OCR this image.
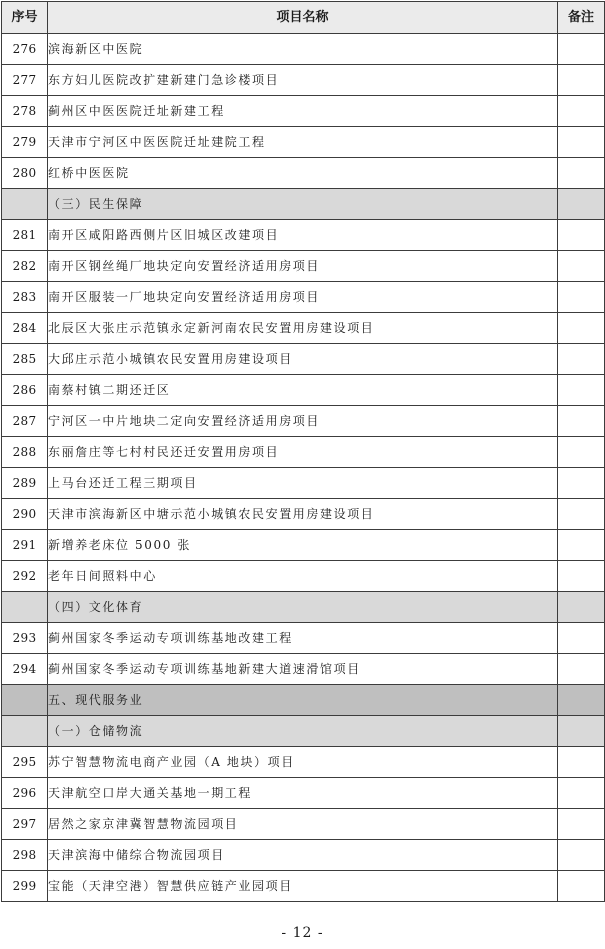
序号	项目名称	备注
276	滨海新区中医院	
277	东方妇儿医院改扩建新建门急诊楼项目	
278	蓟州区中医医院迁址新建工程	
279	天津市宁河区中医医院迁址建院工程	
280	红桥中医医院	
	（三）民生保障	
281	南开区咸阳路西侧片区旧城区改建项目	
282	南开区钢丝绳厂地块定向安置经济适用房项目	
283	南开区服装一厂地块定向安置经济适用房项目	
284	北辰区大张庄示范镇永定新河南农民安置用房建设项目	
285	大邱庄示范小城镇农民安置用房建设项目	
286	南蔡村镇二期还迁区	
287	宁河区一中片地块二定向安置经济适用房项目	
288	东丽詹庄等七村村民还迁安置用房项目	
289	上马台还迁工程三期项目	
290	天津市滨海新区中塘示范小城镇农民安置用房建设项目	
291	新增养老床位 5000 张	
292	老年日间照料中心	
	（四）文化体育	
293	蓟州国家冬季运动专项训练基地改建工程	
294	蓟州国家冬季运动专项训练基地新建大道速滑馆项目	
	五、现代服务业	
	（一）仓储物流	
295	苏宁智慧物流电商产业园（A 地块）项目	
296	天津航空口岸大通关基地一期工程	
297	居然之家京津冀智慧物流园项目	
298	天津滨海中储综合物流园项目	
299	宝能（天津空港）智慧供应链产业园项目	
- 12 -
